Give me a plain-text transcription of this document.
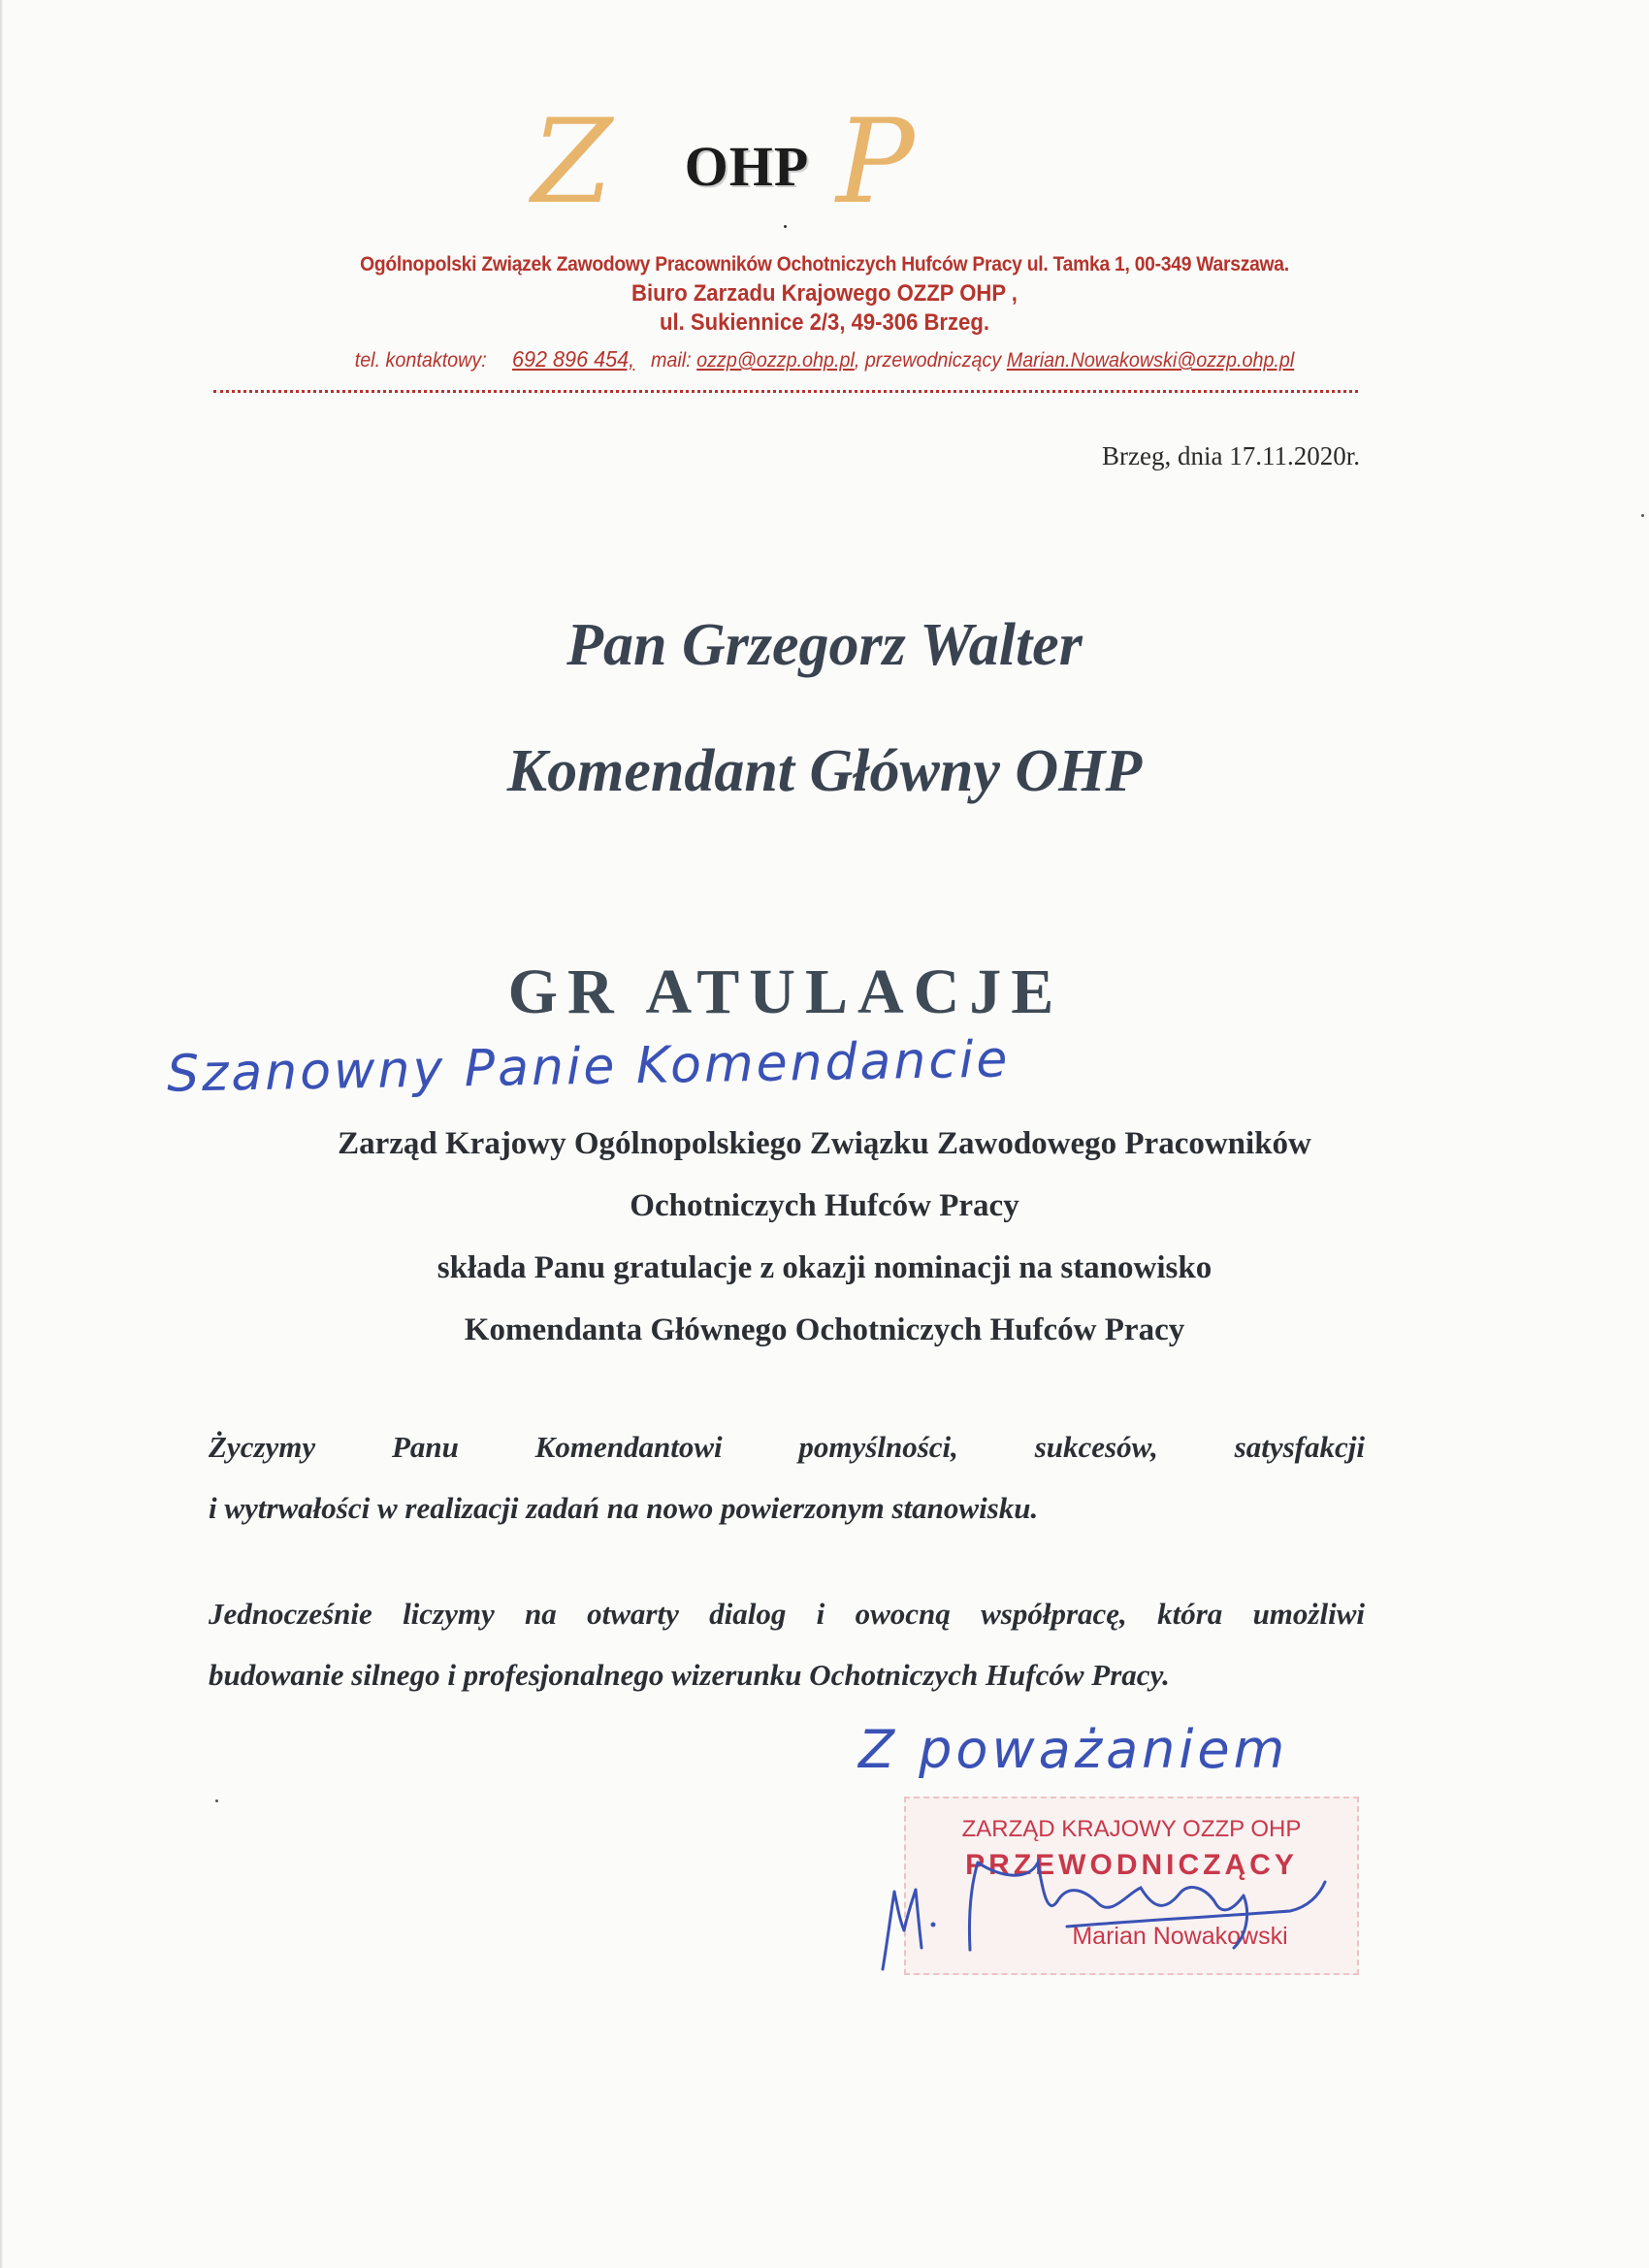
Z P
OHP
Ogólnopolski Związek Zawodowy Pracowników Ochotniczych Hufców Pracy ul. Tamka 1, 00-349 Warszawa.
Biuro Zarzadu Krajowego OZZP OHP ,
ul. Sukiennice 2/3, 49-306 Brzeg.
tel. kontaktowy: 692 896 454, mail: ozzp@ozzp.ohp.pl, przewodniczący Marian.Nowakowski@ozzp.ohp.pl
Brzeg, dnia 17.11.2020r.
Pan Grzegorz Walter
Komendant Główny OHP
GR ATULACJE
Szanowny Panie Komendancie
Zarząd Krajowy Ogólnopolskiego Związku Zawodowego Pracowników
Ochotniczych Hufców Pracy
składa Panu gratulacje z okazji nominacji na stanowisko
Komendanta Głównego Ochotniczych Hufców Pracy
Życzymy Panu Komendantowi pomyślności, sukcesów, satysfakcji
i wytrwałości w realizacji zadań na nowo powierzonym stanowisku.
Jednocześnie liczymy na otwarty dialog i owocną współpracę, która umożliwi
budowanie silnego i profesjonalnego wizerunku Ochotniczych Hufców Pracy.
Z poważaniem
ZARZĄD KRAJOWY OZZP OHP
PRZEWODNICZĄCY
Marian Nowakowski
